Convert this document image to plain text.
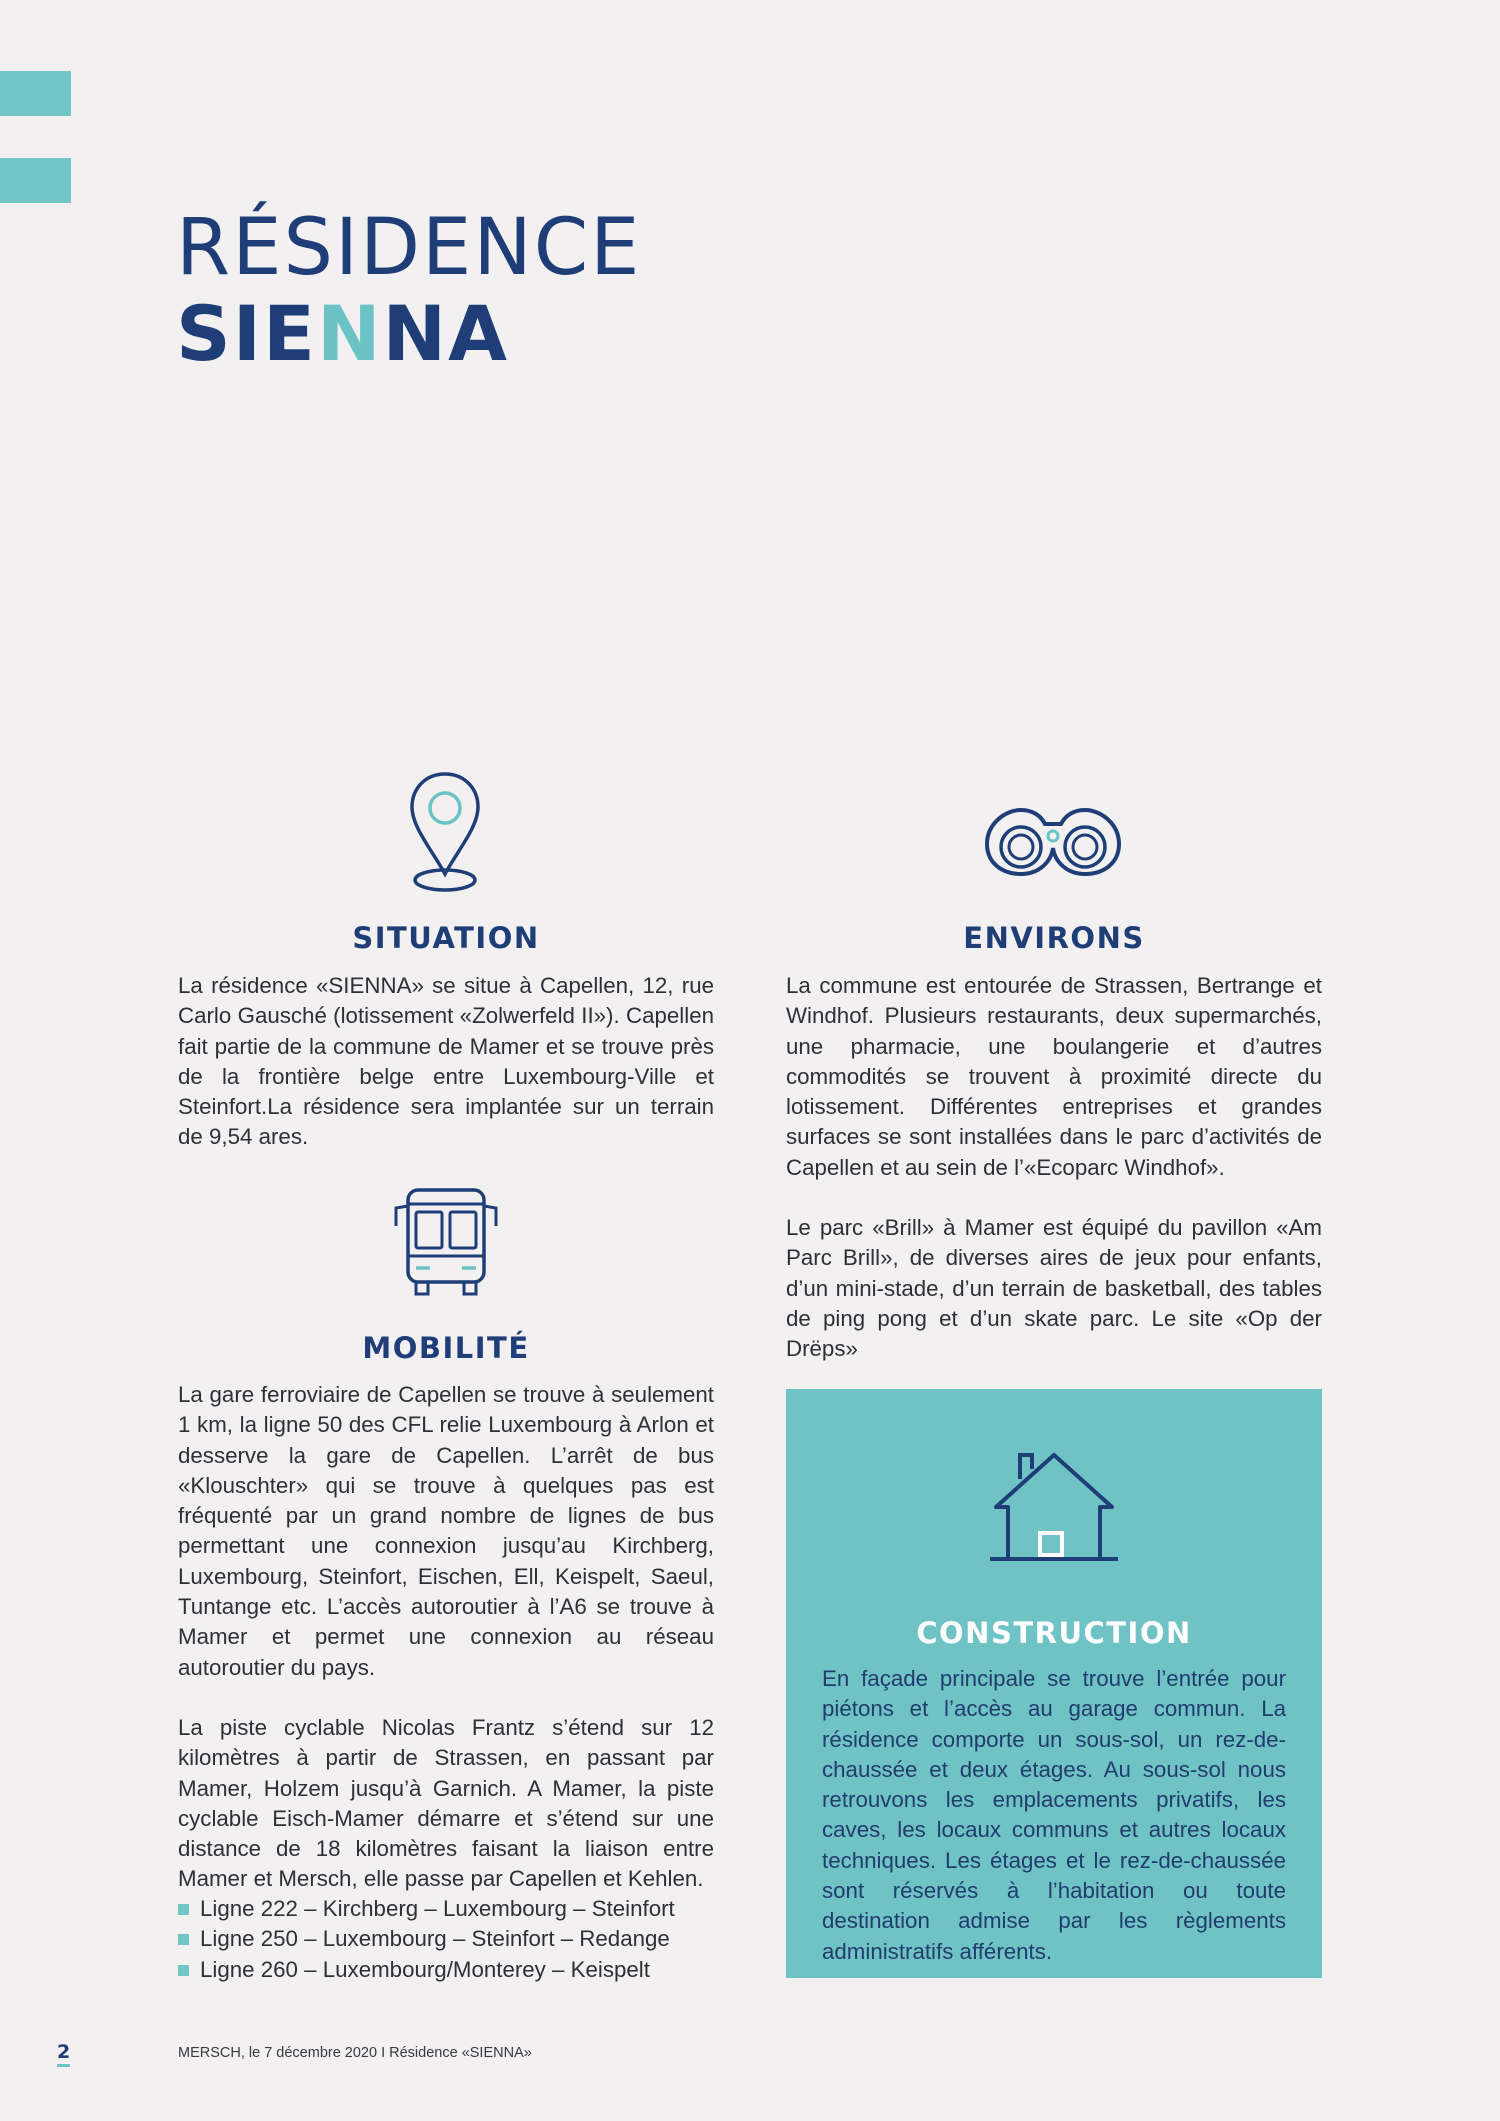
RÉSIDENCE
SIENNA
SITUATION

La résidence «SIENNA» se situe à Capellen, 12, rue Carlo Gausché (lotissement «Zolwerfeld II»). Capellen fait partie de la commune de Mamer et se trouve près de la frontière belge entre Luxembourg-Ville et Steinfort.La résidence sera implantée sur un terrain de 9,54 ares.

ENVIRONS

La commune est entourée de Strassen, Bertrange et Windhof. Plusieurs restaurants, deux supermarchés, une pharmacie, une boulangerie et d’autres commodités se trouvent à proximité directe du lotissement. Différentes entreprises et grandes surfaces se sont installées dans le parc d’activités de Capellen et au sein de l’«Ecoparc Windhof».

Le parc «Brill» à Mamer est équipé du pavillon «Am Parc Brill», de diverses aires de jeux pour enfants, d’un mini-stade, d’un terrain de basketball, des tables de ping pong et d’un skate parc. Le site «Op der Drëps»

MOBILITÉ

La gare ferroviaire de Capellen se trouve à seulement 1 km, la ligne 50 des CFL relie Luxembourg à Arlon et desserve la gare de Capellen. L’arrêt de bus «Klouschter» qui se trouve à quelques pas est fréquenté par un grand nombre de lignes de bus permettant une connexion jusqu’au Kirchberg, Luxembourg, Steinfort, Eischen, Ell, Keispelt, Saeul, Tuntange etc. L’accès autoroutier à l’A6 se trouve à Mamer et permet une connexion au réseau autoroutier du pays.

La piste cyclable Nicolas Frantz s’étend sur 12 kilomètres à partir de Strassen, en passant par Mamer, Holzem jusqu’à Garnich. A Mamer, la piste cyclable Eisch-Mamer démarre et s’étend sur une distance de 18 kilomètres faisant la liaison entre Mamer et Mersch, elle passe par Capellen et Kehlen.

Ligne 222 – Kirchberg – Luxembourg – Steinfort
Ligne 250 – Luxembourg – Steinfort – Redange
Ligne 260 – Luxembourg/Monterey – Keispelt
CONSTRUCTION

En façade principale se trouve l’entrée pour piétons et l’accès au garage commun. La résidence comporte un sous-sol, un rez-de-chaussée et deux étages. Au sous-sol nous retrouvons les emplacements privatifs, les caves, les locaux communs et autres locaux techniques. Les étages et le rez-de-chaussée sont réservés à l’habitation ou toute destination admise par les règlements administratifs afférents.

2	MERSCH, le 7 décembre 2020 I Résidence «SIENNA»
